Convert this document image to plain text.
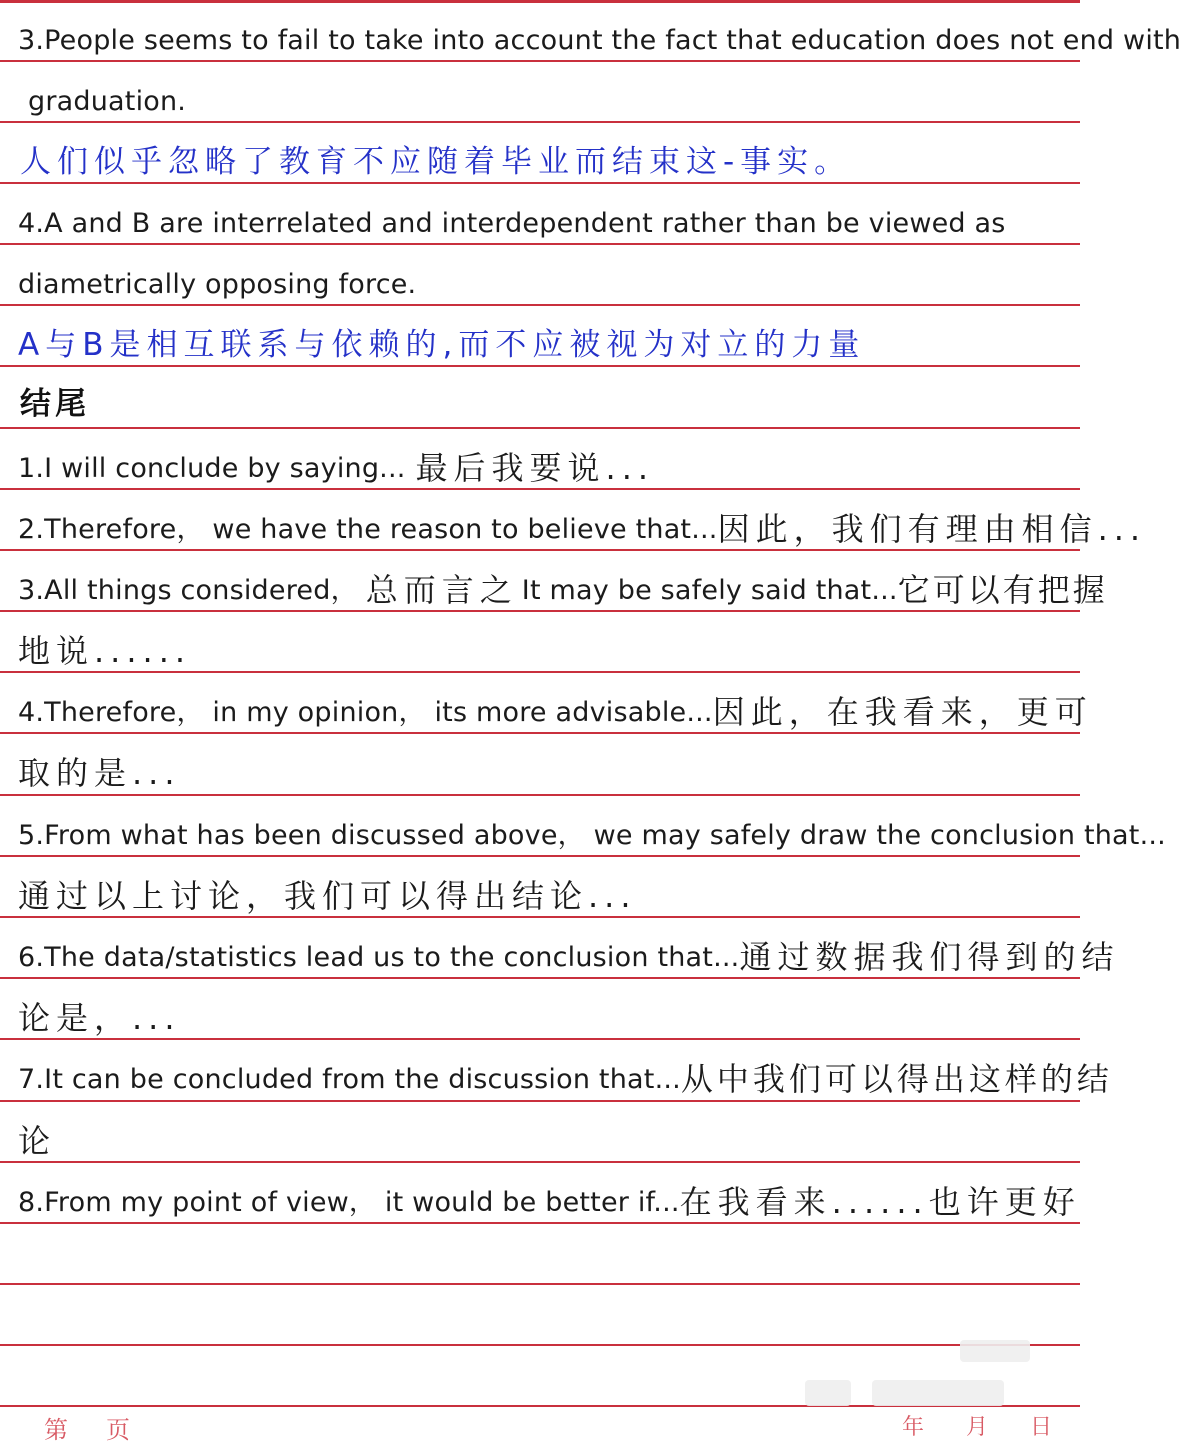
3.People seems to fail to take into account the fact that education does not end with
graduation.
人们似乎忽略了教育不应随着毕业而结束这-事实。
4.A and B are interrelated and interdependent rather than be viewed as
diametrically opposing force.
A与B是相互联系与依赖的,而不应被视为对立的力量
结尾
1.I will conclude by saying... 最后我要说...
2.Therefore， we have the reason to believe that... 因此，我们有理由相信...
3.All things considered， 总而言之 It may be safely said that... 它可以有把握
地说......
4.Therefore， in my opinion， its more advisable... 因此，在我看来，更可
取的是...
5.From what has been discussed above， we may safely draw the conclusion that...
通过以上讨论，我们可以得出结论...
6.The data/statistics lead us to the conclusion that... 通过数据我们得到的结
论是，...
7.It can be concluded from the discussion that... 从中我们可以得出这样的结
论
8.From my point of view， it would be better if... 在我看来......也许更好
第 页	年 月 日
